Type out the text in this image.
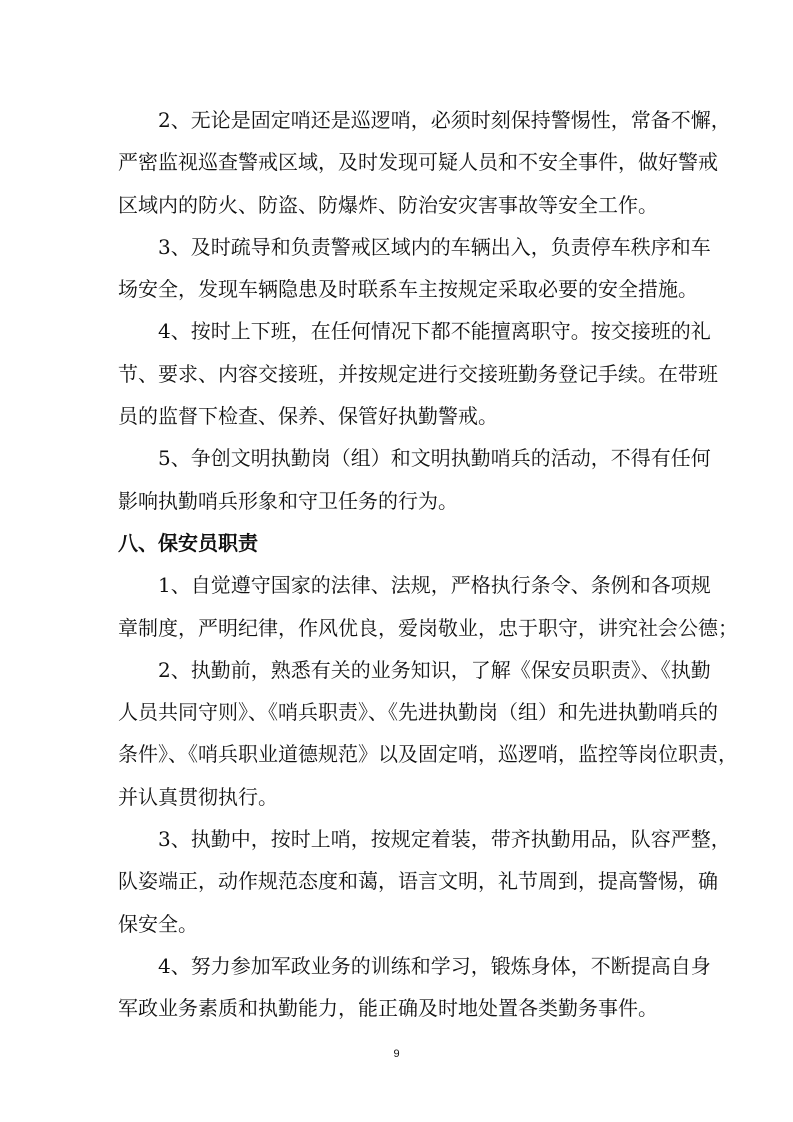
2、无论是固定哨还是巡逻哨，必须时刻保持警惕性，常备不懈，
严密监视巡查警戒区域，及时发现可疑人员和不安全事件，做好警戒
区域内的防火、防盗、防爆炸、防治安灾害事故等安全工作。
3、及时疏导和负责警戒区域内的车辆出入，负责停车秩序和车
场安全，发现车辆隐患及时联系车主按规定采取必要的安全措施。
4、按时上下班，在任何情况下都不能擅离职守。按交接班的礼
节、要求、内容交接班，并按规定进行交接班勤务登记手续。在带班
员的监督下检查、保养、保管好执勤警戒。
5、争创文明执勤岗（组）和文明执勤哨兵的活动，不得有任何
影响执勤哨兵形象和守卫任务的行为。
八、保安员职责
1、自觉遵守国家的法律、法规，严格执行条令、条例和各项规
章制度，严明纪律，作风优良，爱岗敬业，忠于职守，讲究社会公德；
2、执勤前，熟悉有关的业务知识，了解《保安员职责》、《执勤
人员共同守则》、《哨兵职责》、《先进执勤岗（组）和先进执勤哨兵的
条件》、《哨兵职业道德规范》以及固定哨，巡逻哨，监控等岗位职责，
并认真贯彻执行。
3、执勤中，按时上哨，按规定着装，带齐执勤用品，队容严整，
队姿端正，动作规范态度和蔼，语言文明，礼节周到，提高警惕，确
保安全。
4、努力参加军政业务的训练和学习，锻炼身体，不断提高自身
军政业务素质和执勤能力，能正确及时地处置各类勤务事件。
9
